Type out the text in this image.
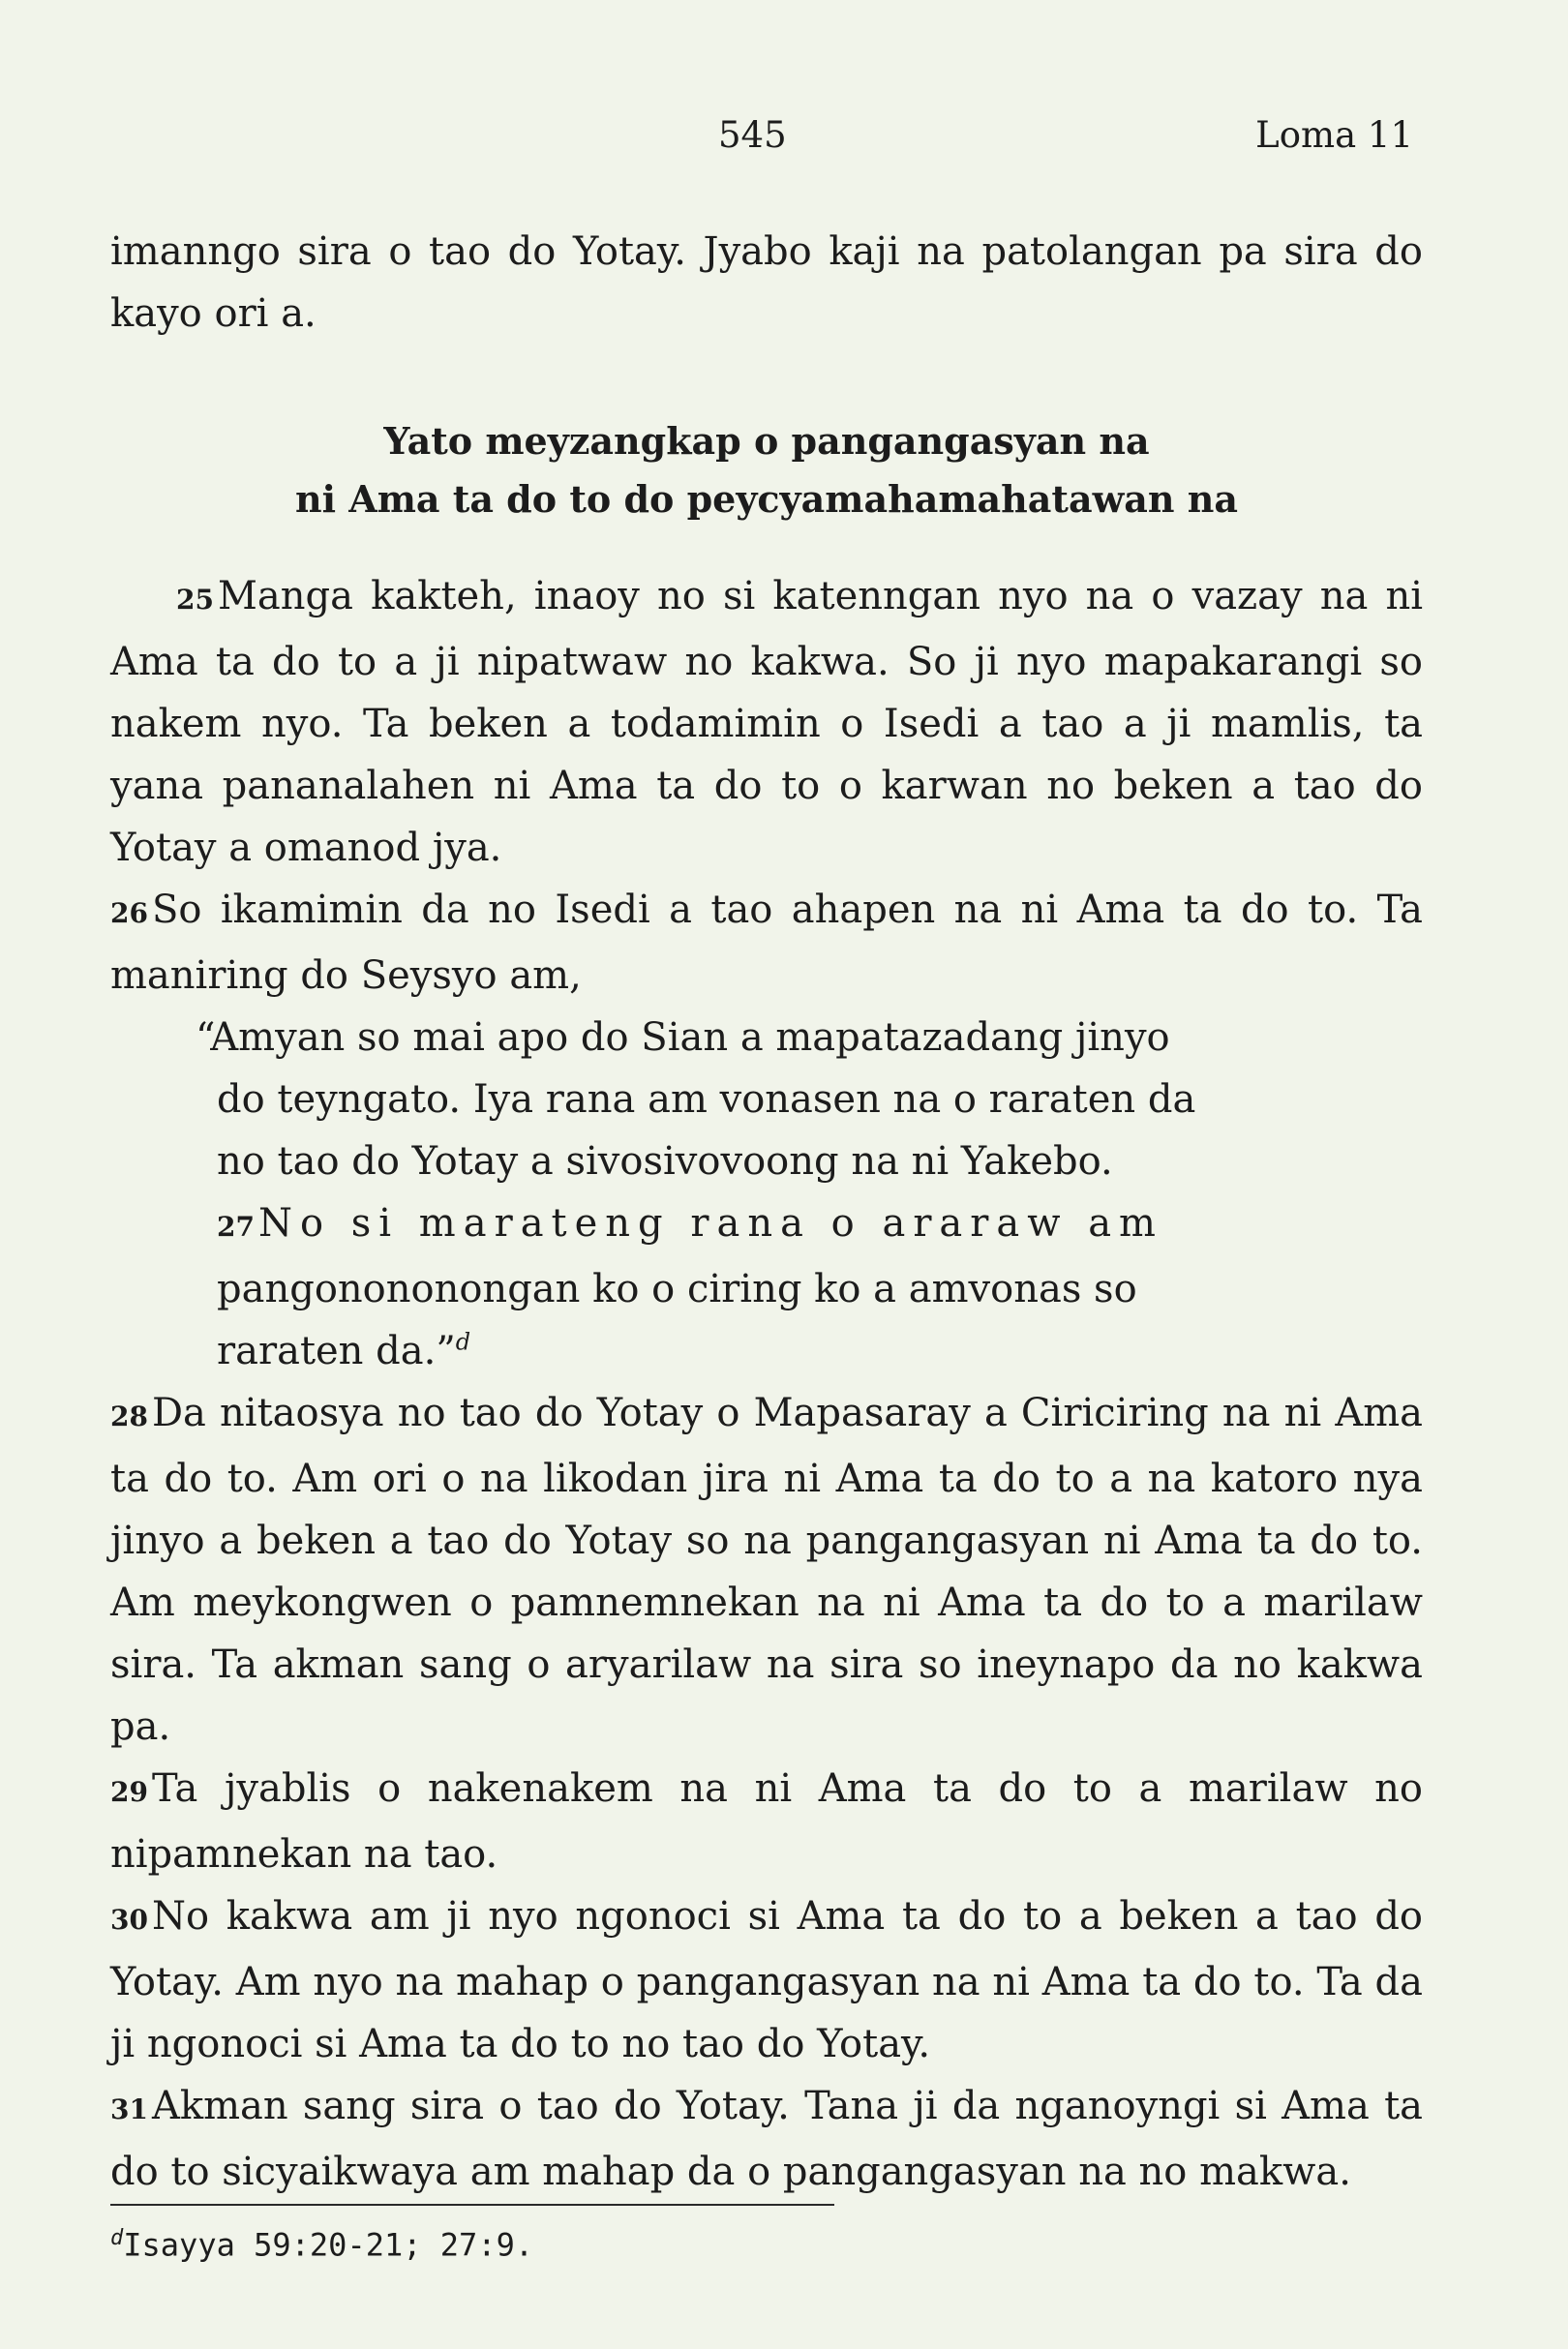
545	Loma 11

imanngo sira o tao do Yotay. Jyabo kaji na patolangan pa sira do kayo ori a.

Yato meyzangkap o pangangasyan na
ni Ama ta do to do peycyamahamahatawan na

25 Manga kakteh, inaoy no si katenngan nyo na o vazay na ni Ama ta do to a ji nipatwaw no kakwa. So ji nyo mapakarangi so nakem nyo. Ta beken a todamimin o Isedi a tao a ji mamlis, ta yana pananalahen ni Ama ta do to o karwan no beken a tao do Yotay a omanod jya.

26 So ikamimin da no Isedi a tao ahapen na ni Ama ta do to. Ta maniring do Seysyo am,

“Amyan so mai apo do Sian a mapatazadang jinyo
do teyngato. Iya rana am vonasen na o raraten da
no tao do Yotay a sivosivovoong na ni Yakebo.
27 No si marateng rana o araraw am
pangonononongan ko o ciring ko a amvonas so
raraten da.”$^d$

28 Da nitaosya no tao do Yotay o Mapasaray a Ciriciring na ni Ama ta do to. Am ori o na likodan jira ni Ama ta do to a na katoro nya jinyo a beken a tao do Yotay so na pangangasyan ni Ama ta do to. Am meykongwen o pamnemnekan na ni Ama ta do to a marilaw sira. Ta akman sang o aryarilaw na sira so ineynapo da no kakwa pa.

29 Ta jyablis o nakenakem na ni Ama ta do to a marilaw no nipamnekan na tao.

30 No kakwa am ji nyo ngonoci si Ama ta do to a beken a tao do Yotay. Am nyo na mahap o pangangasyan na ni Ama ta do to. Ta da ji ngonoci si Ama ta do to no tao do Yotay.

31 Akman sang sira o tao do Yotay. Tana ji da nganoyngi si Ama ta do to sicyaikwaya am mahap da o pangangasyan na no makwa.

$^d$Isayya 59:20-21; 27:9.
